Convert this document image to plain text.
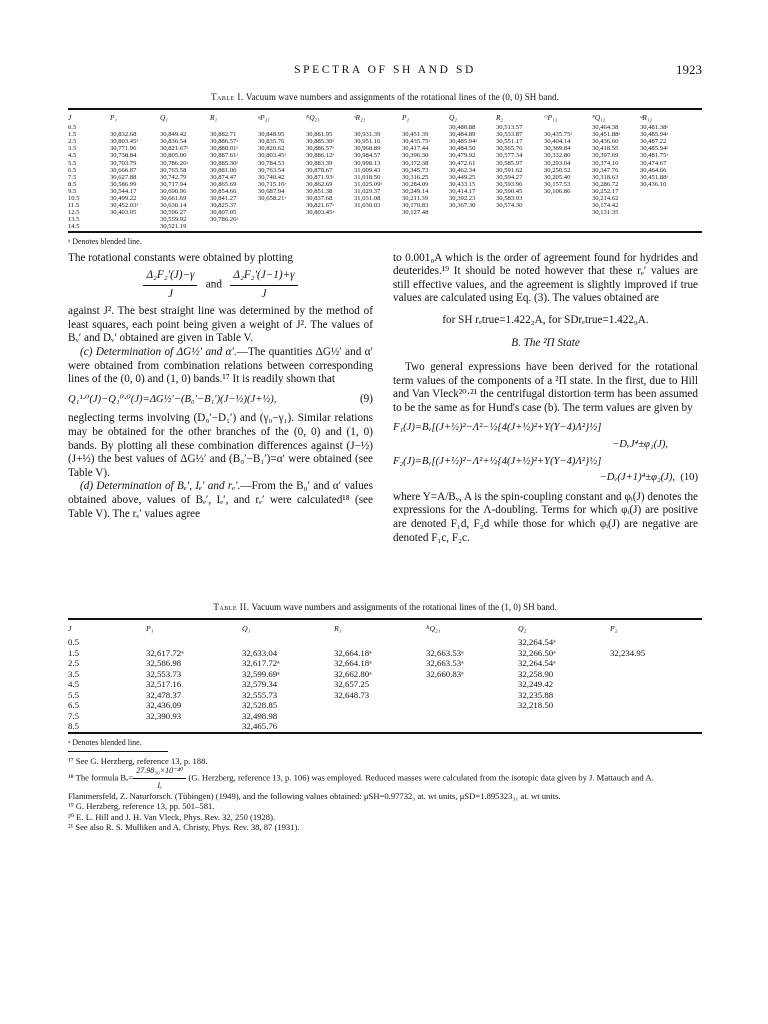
SPECTRA OF SH AND SD	1923
Table I. Vacuum wave numbers and assignments of the rotational lines of the (0, 0) SH band.
J	P₁	Q₁	R₁	ᵍP₂₁	ᴿQ₂₁	ˢR₂₁	P₂	Q₂	R₂	ᴼP₁₂	ᴾQ₁₂	ᵠR₁₂
0.5								30,480.88	30,513.57		30,464.38	30,481.38ᵃ
1.5	30,832.68	30,849.42	30,882.71	30,848.95	30,881.95	30,931.39	30,451.39	30,484.89	30,533.87	30,435.75ᵃ	30,451.88ᵃ	30,485.94ᵃ
2.5	30,803.45ᵃ	30,836.54	30,886.57ᵃ	30,835.76	30,885.30ᵃ	30,951.16	30,435.75ᵃ	30,485.94ᵃ	30,551.17	30,404.14	30,436.60	30,487.22
3.5	30,771.96	30,821.67ᵃ	30,888.01ᵃ	30,820.62	30,886.57ᵃ	30,968.89	30,417.44	30,484.50	30,565.76	30,369.84	30,418.55	30,485.94ᵃ
4.5	30,738.84	30,805.00	30,887.61ᵃ	30,803.45ᵃ	30,886.12ᵃ	30,984.57	30,396.30	30,479.92	30,577.34	30,332.80	30,397.69	30,481.75ᵃ
5.5	30,703.79	30,786.26ᵃ	30,885.30ᵃ	30,784.53	30,883.39	30,998.13	30,372.38	30,472.61	30,585.97	30,293.04	30,374.10	30,474.67
6.5	30,666.87	30,765.58	30,881.06	30,763.54	30,878.67	31,009.43	30,345.73	30,462.34	30,591.62	30,250.52	30,347.76	30,464.66
7.5	30,627.88	30,742.79	30,874.47	30,740.42	30,871.93ᵃ	31,018.50	30,316.25	30,449.25	30,594.27	30,205.40	30,318.63	30,451.88ᵃ
8.5	30,586.99	30,717.94	30,865.69	30,715.16ᵃ	30,862.69	31,025.09ᵃ	30,284.09	30,433.15	30,593.96	30,157.53	30,286.72	30,436.10
9.5	30,544.17	30,690.96	30,854.66	30,687.94	30,851.38	31,029.37	30,249.14	30,414.17	30,590.45	30,106.86	30,252.17	
10.5	30,499.22	30,661.69	30,841.27	30,658.21ᵃ	30,837.68	31,031.08	30,211.39	30,392.23	30,583.93		30,214.62	
11.5	30,452.03ᵃ	30,630.14	30,825.37		30,821.67ᵃ	31,030.03	30,170.83	30,367.30	30,574.30		30,174.42	
12.5	30,403.05	30,596.27	30,807.05		30,803.45ᵃ		30,127.48				30,131.35	
13.5		30,559.92	30,786.26ᵃ									
14.5		30,521.19										
ᵃ Denotes blended line.

The rotational constants were obtained by plotting

$\frac{\text{Δ₂F₂′(J)−γ}}{J}$ and $\frac{\text{Δ₂F₂′(J−1)+γ}}{J}$

against J². The best straight line was determined by the method of least squares, each point being given a weight of J². The values of Bᵥ′ and Dᵥ′ obtained are given in Table V.

(c) Determination of ΔG½′ and α′.—The quantities ΔG½′ and α′ were obtained from combination relations between corresponding lines of the (0, 0) and (1, 0) bands.¹⁷ It is readily shown that

Q₁¹·⁰(J)−Q₁⁰·⁰(J)=ΔG½′−(B₀′−B₁′)(J−½)(J+½),	(9)

neglecting terms involving (D₀′−D₁′) and (γ₀−γ₁). Similar relations may be obtained for the other branches of the (0, 0) and (1, 0) bands. By plotting all these combination differences against (J−½) (J+½) the best values of ΔG½′ and (B₀′−B₁′)=α′ were obtained (see Table V).

(d) Determination of Bₑ′, Iₑ′ and rₑ′.—From the B₀′ and α′ values obtained above, values of Bₑ′, Iₑ′, and rₑ′ were calculated¹⁸ (see Table V). The rₑ′ values agree

to 0.001₀A which is the order of agreement found for hydrides and deuterides.¹⁹ It should be noted however that these rₑ′ values are still effective values, and the agreement is slightly improved if true values are calculated using Eq. (3). The values obtained are

for SH rₑtrue=1.422₂A, for SDrₑtrue=1.422₉A.
B. The ²Π State

Two general expressions have been derived for the rotational term values of the components of a ²Π state. In the first, due to Hill and Van Vleck²⁰·²¹ the centrifugal distortion term has been assumed to be the same as for Hund's case (b). The term values are given by

F₁(J)=Bᵥ[(J+½)²−Λ²−½{4(J+½)²+Y(Y−4)Λ²}½]
−DᵥJ⁴±φ₁(J),
F₂(J)=Bᵥ[(J+½)²−Λ²+½{4(J+½)²+Y(Y−4)Λ²}½]
−Dᵥ(J+1)⁴±φ₂(J), (10)

where Y=A/Bᵥ, A is the spin-coupling constant and φᵢ(J) denotes the expressions for the Λ-doubling. Terms for which φᵢ(J) are positive are denoted F₁d, F₂d while those for which φᵢ(J) are negative are denoted F₁c, F₂c.

Table II. Vacuum wave numbers and assignments of the rotational lines of the (1, 0) SH band.
J	P₁	Q₁	R₁	ᴿQ₂₁	Q₂	P₂
0.5					32,264.54ᵃ	
1.5	32,617.72ᵃ	32,633.04	32,664.18ᵃ	32,663.53ᵃ	32,266.50ᵃ	32,234.95
2.5	32,586.98	32,617.72ᵃ	32,664.18ᵃ	32,663.53ᵃ	32,264.54ᵃ	
3.5	32,553.73	32,599.69ᵃ	32,662.80ᵃ	32,660.83ᵃ	32,258.90	
4.5	32,517.16	32,579.34	32,657.25		32,249.42	
5.5	32,478.37	32,555.73	32,648.73		32,235.88	
6.5	32,436.09	32,528.85			32,218.50	
7.5	32,390.93	32,498.98				
8.5		32,465.76				
ᵃ Denotes blended line.

¹⁷ See G. Herzberg, reference 13, p. 188.

¹⁸ The formula $B_e= \frac{\text{27.98₃₀×10⁻⁴⁰}}{\text{Iₑ}} (G$. Herzberg, reference 13, p. 106) was employed. Reduced masses were calculated from the isotopic data given by J. Mattauch and A. Flammersfeld, Z. Naturforsch. (Tübingen) (1949), and the following values obtained: μSH=0.97732₃ at. wt units, μSD=1.895323₃₁ at. wt units.

¹⁹ G. Herzberg, reference 13, pp. 501–581.

²⁰ E. L. Hill and J. H. Van Vleck, Phys. Rev. 32, 250 (1928).

²¹ See also R. S. Mulliken and A. Christy, Phys. Rev. 38, 87 (1931).
